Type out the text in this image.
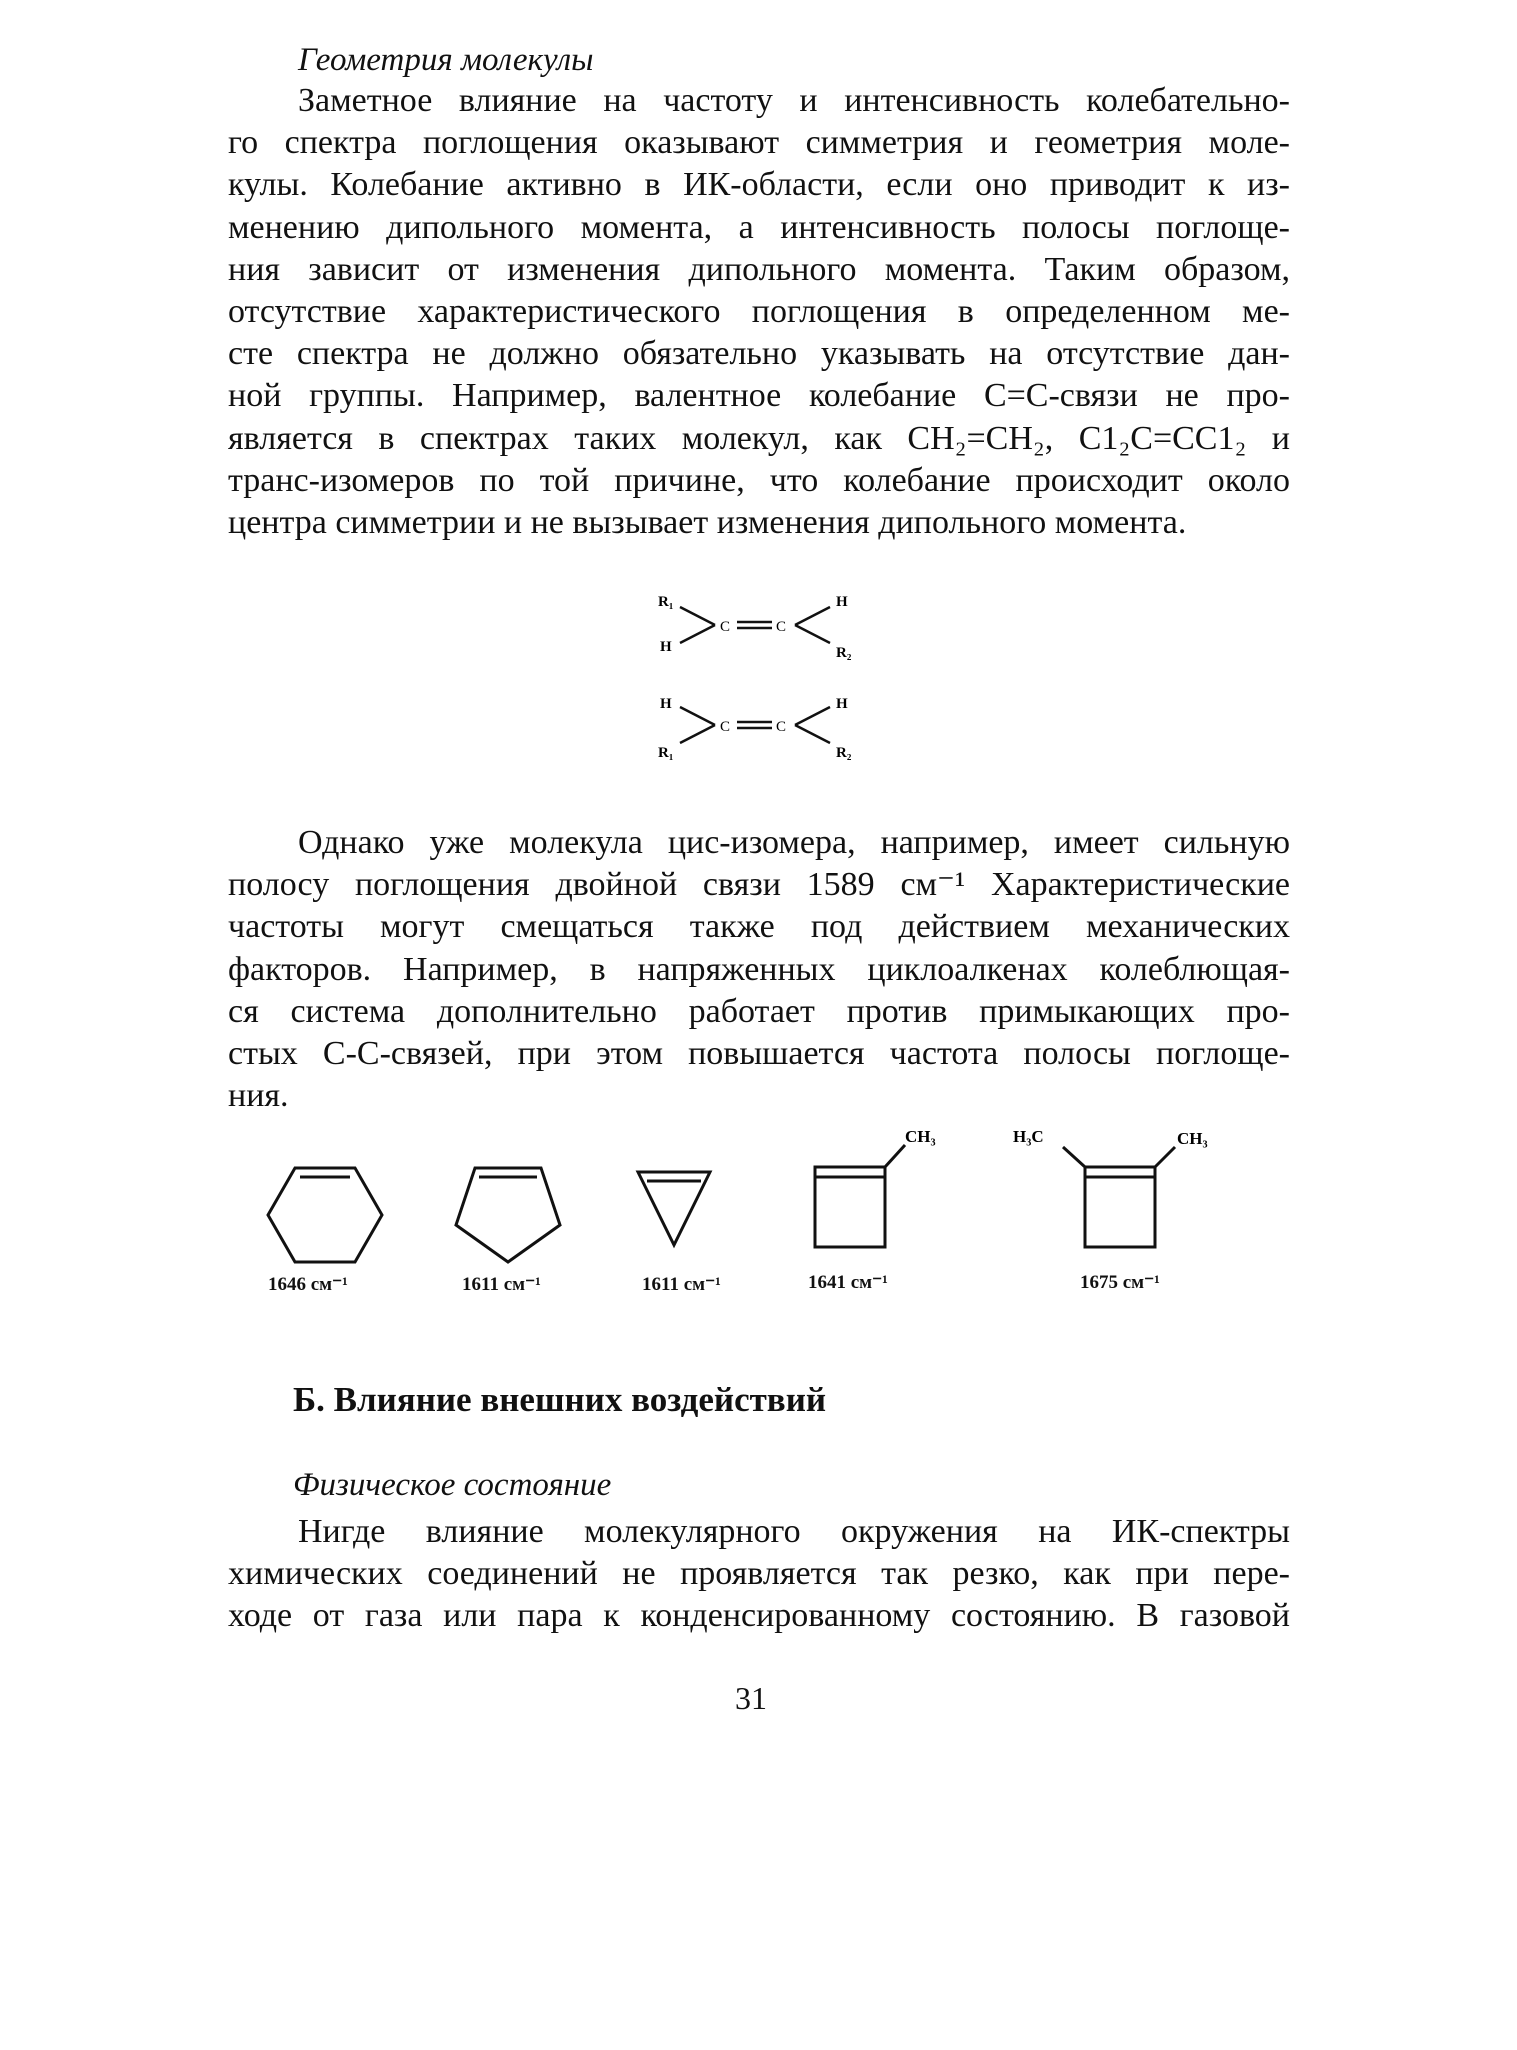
Геометрия молекулы
Заметное влияние на частоту и интенсивность колебательно-
го спектра поглощения оказывают симметрия и геометрия моле-
кулы. Колебание активно в ИК-области, если оно приводит к из-
менению дипольного момента, а интенсивность полосы поглоще-
ния зависит от изменения дипольного момента. Таким образом,
отсутствие характеристического поглощения в определенном ме-
сте спектра не должно обязательно указывать на отсутствие дан-
ной группы. Например, валентное колебание С=С-связи не про-
является в спектрах таких молекул, как СН₂=СН₂, С1₂С=СС1₂ и
транс-изомеров по той причине, что колебание происходит около
центра симметрии и не вызывает изменения дипольного момента.
R₁
H
C	C
H
R₂
H
R₁
C	C
H
R₂
Однако уже молекула цис-изомера, например, имеет сильную
полосу поглощения двойной связи 1589 см⁻¹ Характеристические
частоты могут смещаться также под действием механических
факторов. Например, в напряженных циклоалкенах колеблющая-
ся система дополнительно работает против примыкающих про-
стых С-С-связей, при этом повышается частота полосы поглоще-
ния.
CH₃	H₃C	CH₃
1646 см⁻¹	1611 см⁻¹	1611 см⁻¹	1641 см⁻¹	1675 см⁻¹
Б. Влияние внешних воздействий
Физическое состояние
Нигде влияние молекулярного окружения на ИК-спектры
химических соединений не проявляется так резко, как при пере-
ходе от газа или пара к конденсированному состоянию. В газовой
31
